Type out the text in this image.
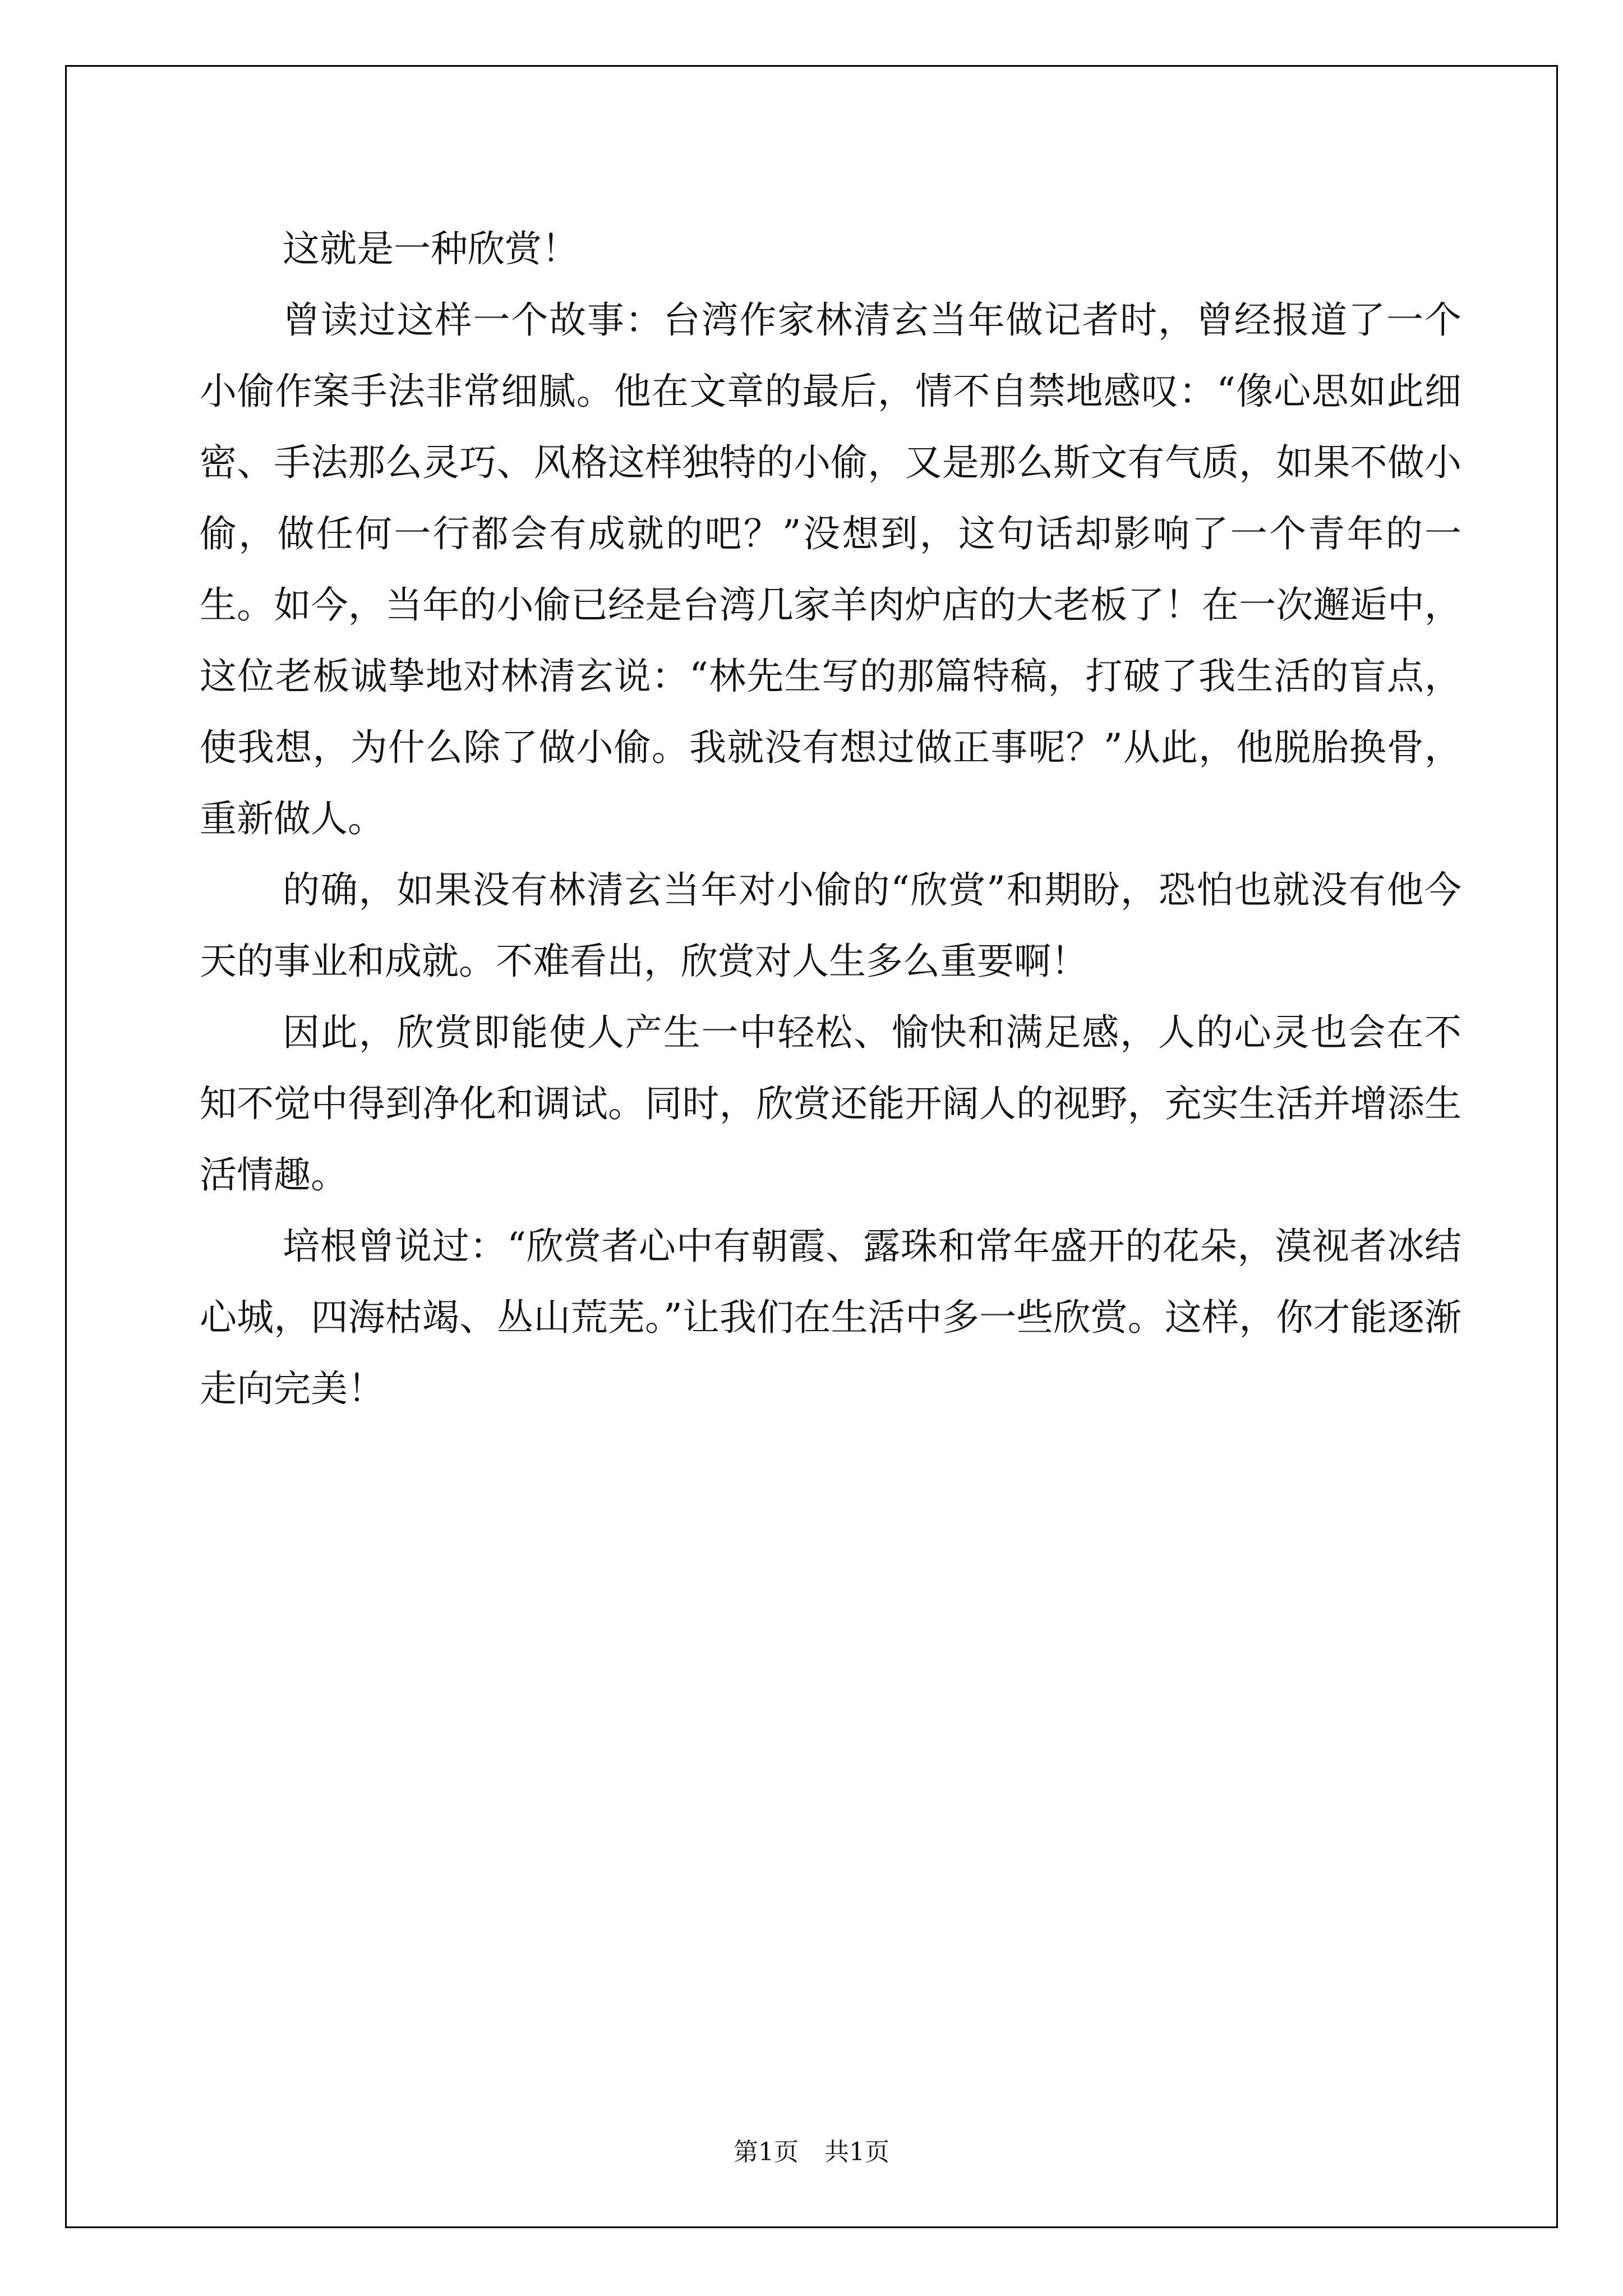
这就是一种欣赏！

曾读过这样一个故事：台湾作家林清玄当年做记者时，曾经报道了一个小偷作案手法非常细腻。他在文章的最后，情不自禁地感叹：“像心思如此细密、手法那么灵巧、风格这样独特的小偷，又是那么斯文有气质，如果不做小偷，做任何一行都会有成就的吧？”没想到，这句话却影响了一个青年的一生。如今，当年的小偷已经是台湾几家羊肉炉店的大老板了！在一次邂逅中，这位老板诚挚地对林清玄说：“林先生写的那篇特稿，打破了我生活的盲点，使我想，为什么除了做小偷。我就没有想过做正事呢？”从此，他脱胎换骨，重新做人。

的确，如果没有林清玄当年对小偷的“欣赏”和期盼，恐怕也就没有他今天的事业和成就。不难看出，欣赏对人生多么重要啊！

因此，欣赏即能使人产生一中轻松、愉快和满足感，人的心灵也会在不知不觉中得到净化和调试。同时，欣赏还能开阔人的视野，充实生活并增添生活情趣。

培根曾说过：“欣赏者心中有朝霞、露珠和常年盛开的花朵，漠视者冰结心城，四海枯竭、丛山荒芜。”让我们在生活中多一些欣赏。这样，你才能逐渐走向完美！

第1页 共1页
